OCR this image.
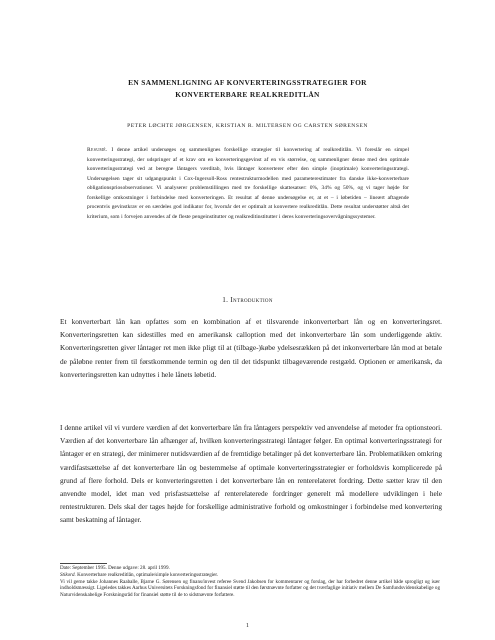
EN SAMMENLIGNING AF KONVERTERINGSSTRATEGIER FOR
KONVERTERBARE REALKREDITLÅN
PETER LØCHTE JØRGENSEN, KRISTIAN R. MILTERSEN OG CARSTEN SØRENSEN
Resumé. I denne artikel undersøges og sammenlignes forskellige strategier til konvertering af realkreditlån. Vi foreslår en simpel konverteringsstrategi, der udspringer af et krav om en konverteringsgevinst af en vis størrelse, og sammenligner denne med den optimale konverteringsstrategi ved at beregne låntagers værditab, hvis låntager konverterer efter den simple (inoptimale) konverteringsstrategi. Undersøgelsen tager sit udgangspunkt i Cox-Ingersoll-Ross rentestrukturmodellen med parameterestimater fra danske ikke-konverterbare obligationspriosobservationer. Vi analyserer problemstillingen med tre forskellige skattesatser: 0%, 34% og 50%, og vi tager højde for forskellige omkostninger i forbindelse med konverteringen. Et resultat af denne undersøgelse er, at et – i løbetiden – lineært aftagende procentvis gevinstkrav er en særdeles god indikator for, hvornår det er optimalt at konvertere realkreditlån. Dette resultat understøtter altså det kriterium, som i forvejen anvendes af de fleste pengeinstitutter og realkreditinstitutter i deres konverteringsovervågningssystemer.
1. Introduktion
Et konverterbart lån kan opfattes som en kombination af et tilsvarende inkonverterbart lån og en konverteringsret. Konverteringsretten kan sidestilles med en amerikansk callоption med det inkonverterbare lån som underliggende aktiv. Konverteringsretten giver låntager ret men ikke pligt til at (tilbage-)købe ydelsesrækken på det inkonverterbare lån mod at betale de påløbne renter frem til førstkommende termin og den til det tidspunkt tilbageværende restgæld. Optionen er amerikansk, da konverteringsretten kan udnyttes i hele lånets løbetid.
I denne artikel vil vi vurdere værdien af det konverterbare lån fra låntagers perspektiv ved anvendelse af metoder fra optionsteori. Værdien af det konverterbare lån afhænger af, hvilken konverteringsstrategi låntager følger. En optimal konverteringsstrategi for låntager er en strategi, der minimerer nutidsværdien af de fremtidige betalinger på det konverterbare lån. Problematikken omkring værdifastsættelse af det konverterbare lån og bestemmelse af optimale konverteringsstrategier er forholdsvis komplicerede på grund af flere forhold. Dels er konverteringsretten i det konverterbare lån en renterelateret fordring. Dette sætter krav til den anvendte model, idet man ved prisfastsættelse af renterelaterede fordringer generelt må modellere udviklingen i hele rentestrukturen. Dels skal der tages højde for forskellige administrative forhold og omkostninger i forbindelse med konvertering samt beskatning af låntager.
Date: September 1995. Denne udgave: 28. april 1999.
Stikord. Konverterbare realkreditlån, optimale/simple konverteringsstrategier.
Vi vil gerne takke Johannes Raaballe, Bjarne G. Sørensen og finans/invest referee Svend Jakobsen for kommentarer og forslag, der har forbedret denne artikel både sprogligt og især indholdsmæssigt. Ligeledes takkes Aarhus Universitets Forskningsfond for finansiel støtte til den førstnævnte forfatter og det tværfaglige initiativ mellem De Samfundsvidenskabelige og Naturvidenskabelige Forskningsråd for finansiel støtte til de to sidstnævnte forfattere.
1
